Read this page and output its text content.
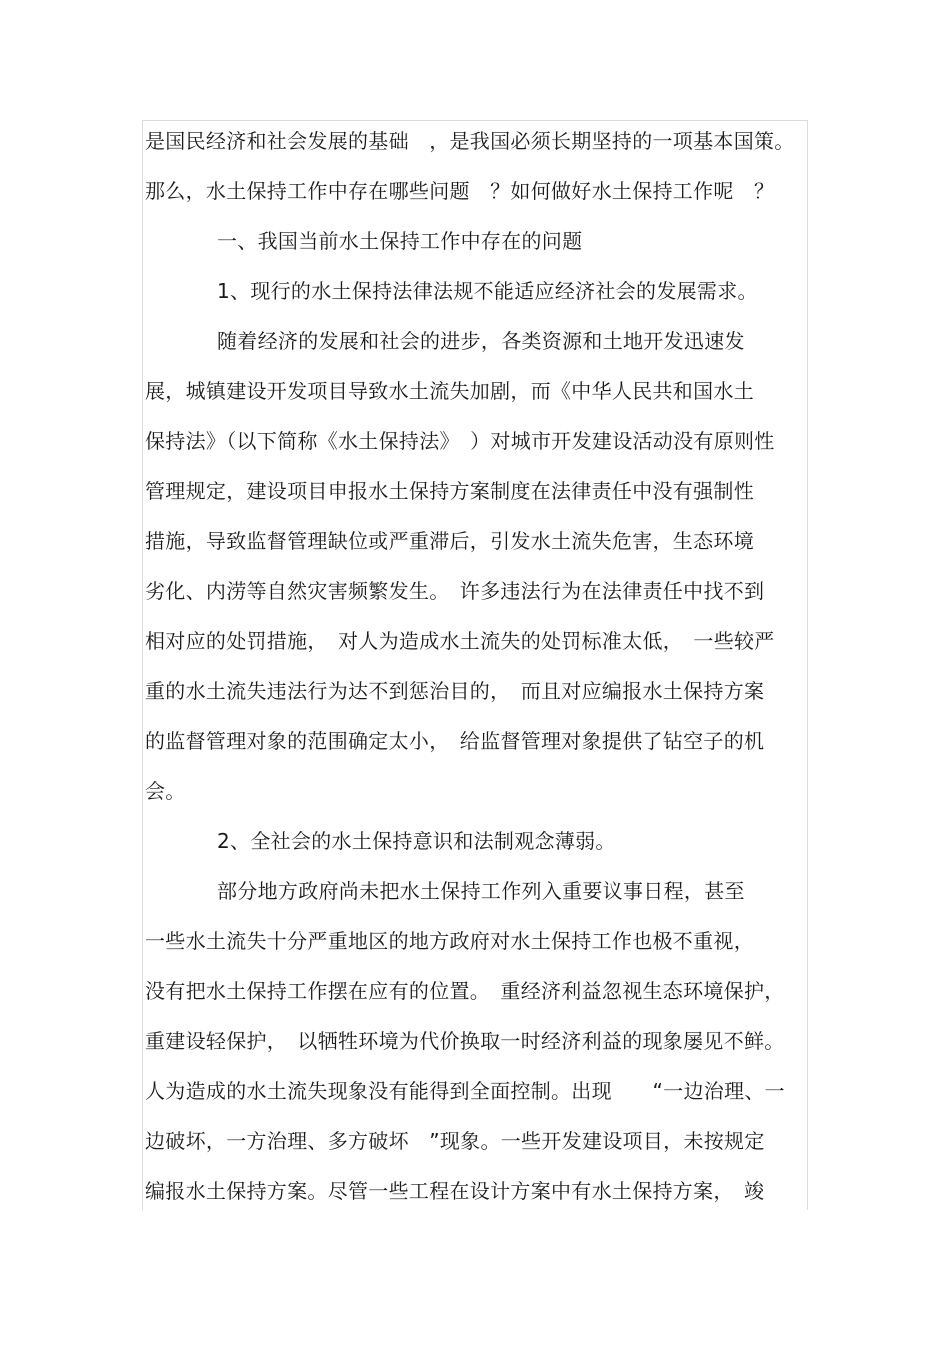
是国民经济和社会发展的基础　，是我国必须长期坚持的一项基本国策。
那么，水土保持工作中存在哪些问题　？如何做好水土保持工作呢　？
一、我国当前水土保持工作中存在的问题
1、现行的水土保持法律法规不能适应经济社会的发展需求。
随着经济的发展和社会的进步，各类资源和土地开发迅速发
展，城镇建设开发项目导致水土流失加剧，而《中华人民共和国水土
保持法》（以下简称《水土保持法》　）对城市开发建设活动没有原则性
管理规定，建设项目申报水土保持方案制度在法律责任中没有强制性
措施，导致监督管理缺位或严重滞后，引发水土流失危害，生态环境
劣化、内涝等自然灾害频繁发生。　许多违法行为在法律责任中找不到
相对应的处罚措施，　对人为造成水土流失的处罚标准太低，　一些较严
重的水土流失违法行为达不到惩治目的，　而且对应编报水土保持方案
的监督管理对象的范围确定太小，　给监督管理对象提供了钻空子的机
会。
2、全社会的水土保持意识和法制观念薄弱。
部分地方政府尚未把水土保持工作列入重要议事日程，甚至
一些水土流失十分严重地区的地方政府对水土保持工作也极不重视，
没有把水土保持工作摆在应有的位置。　重经济利益忽视生态环境保护，
重建设轻保护，　以牺牲环境为代价换取一时经济利益的现象屡见不鲜。
人为造成的水土流失现象没有能得到全面控制。出现　　“一边治理、一
边破坏，一方治理、多方破坏　”现象。一些开发建设项目，未按规定
编报水土保持方案。尽管一些工程在设计方案中有水土保持方案，　竣
